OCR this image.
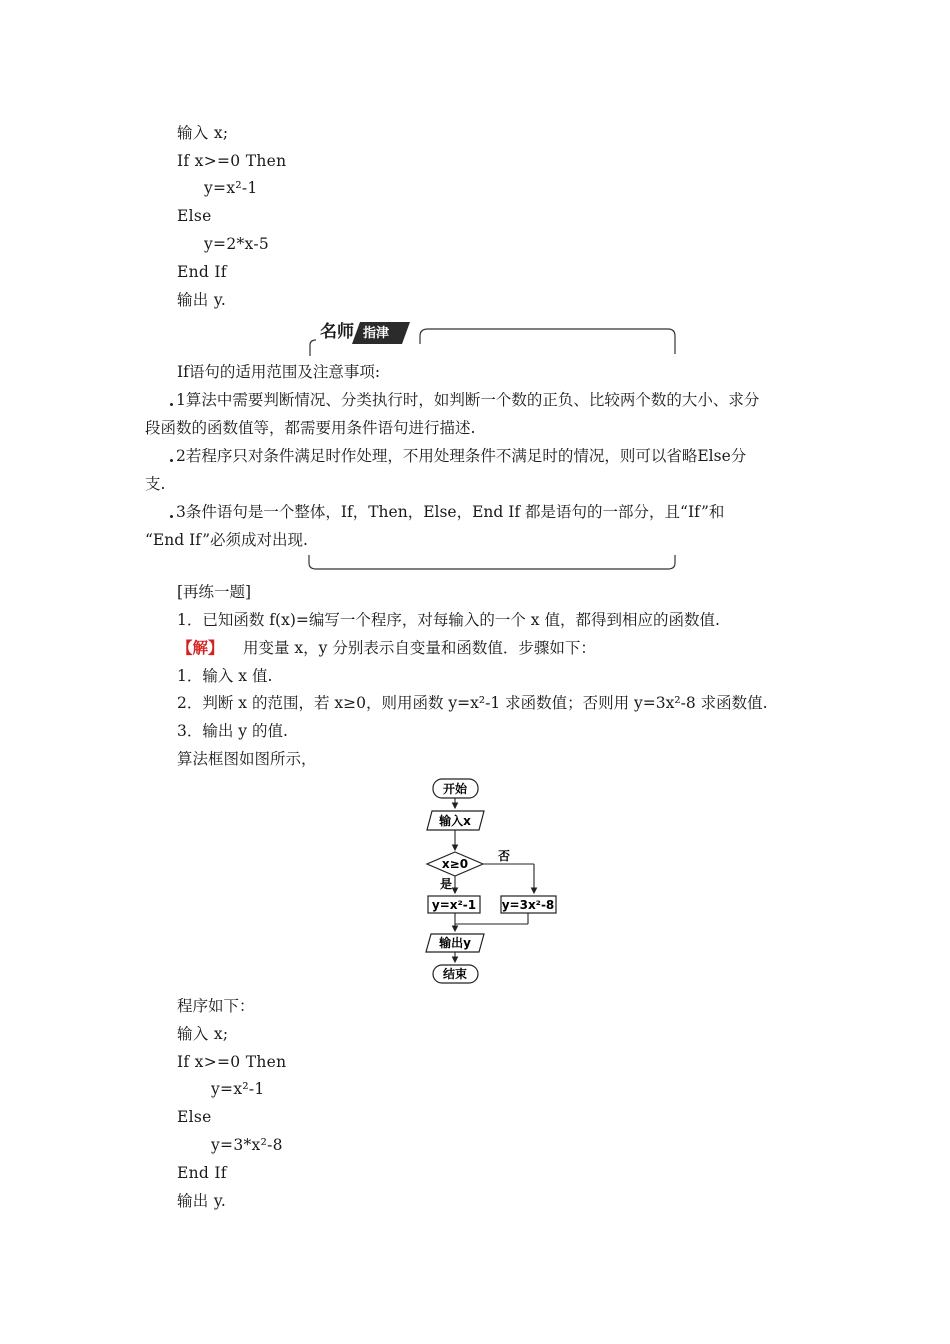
输入 x;
If x>=0 Then
y=x²-1
Else
y=2*x-5
End If
输出 y.
名师 指津
If语句的适用范围及注意事项:
1算法中需要判断情况、分类执行时，如判断一个数的正负、比较两个数的大小、求分
段函数的函数值等，都需要用条件语句进行描述.
2若程序只对条件满足时作处理，不用处理条件不满足时的情况，则可以省略Else分
支.
3条件语句是一个整体，If，Then，Else，End If 都是语句的一部分，且“If”和
“End If”必须成对出现.
[再练一题]
1．已知函数 f(x)=编写一个程序，对每输入的一个 x 值，都得到相应的函数值.
【解】 用变量 x，y 分别表示自变量和函数值．步骤如下：
1．输入 x 值.
2．判断 x 的范围，若 x≥0，则用函数 y=x²-1 求函数值；否则用 y=3x²-8 求函数值.
3．输出 y 的值.
算法框图如图所示，
开始
输入x
x≥0
否
是
y=x²-1 y=3x²-8
输出y
结束
程序如下：
输入 x;
If x>=0 Then
y=x²-1
Else
y=3*x²-8
End If
输出 y.
